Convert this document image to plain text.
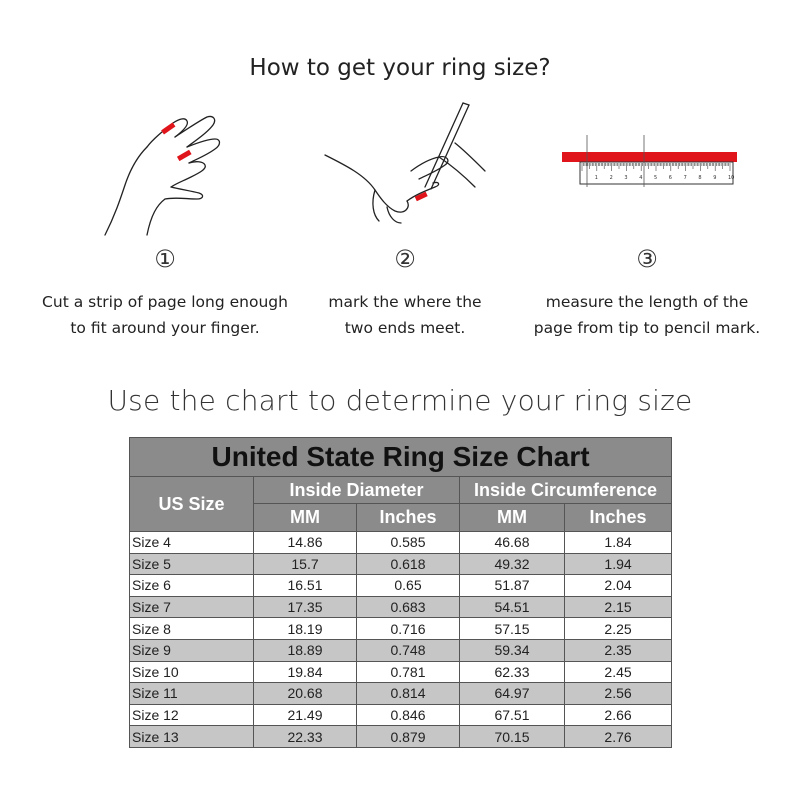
How to get your ring size?
①
Cut a strip of page long enough
to fit around your finger.
②
mark the where the
two ends meet.
1 2 3 4 5 6 7 8 9 10
③
measure the length of the
page from tip to pencil mark.
Use the chart to determine your ring size
United State Ring Size Chart				
US Size	Inside Diameter		Inside Circumference	
	MM	Inches	MM	Inches
Size 4	14.86	0.585	46.68	1.84
Size 5	15.7	0.618	49.32	1.94
Size 6	16.51	0.65	51.87	2.04
Size 7	17.35	0.683	54.51	2.15
Size 8	18.19	0.716	57.15	2.25
Size 9	18.89	0.748	59.34	2.35
Size 10	19.84	0.781	62.33	2.45
Size 11	20.68	0.814	64.97	2.56
Size 12	21.49	0.846	67.51	2.66
Size 13	22.33	0.879	70.15	2.76
